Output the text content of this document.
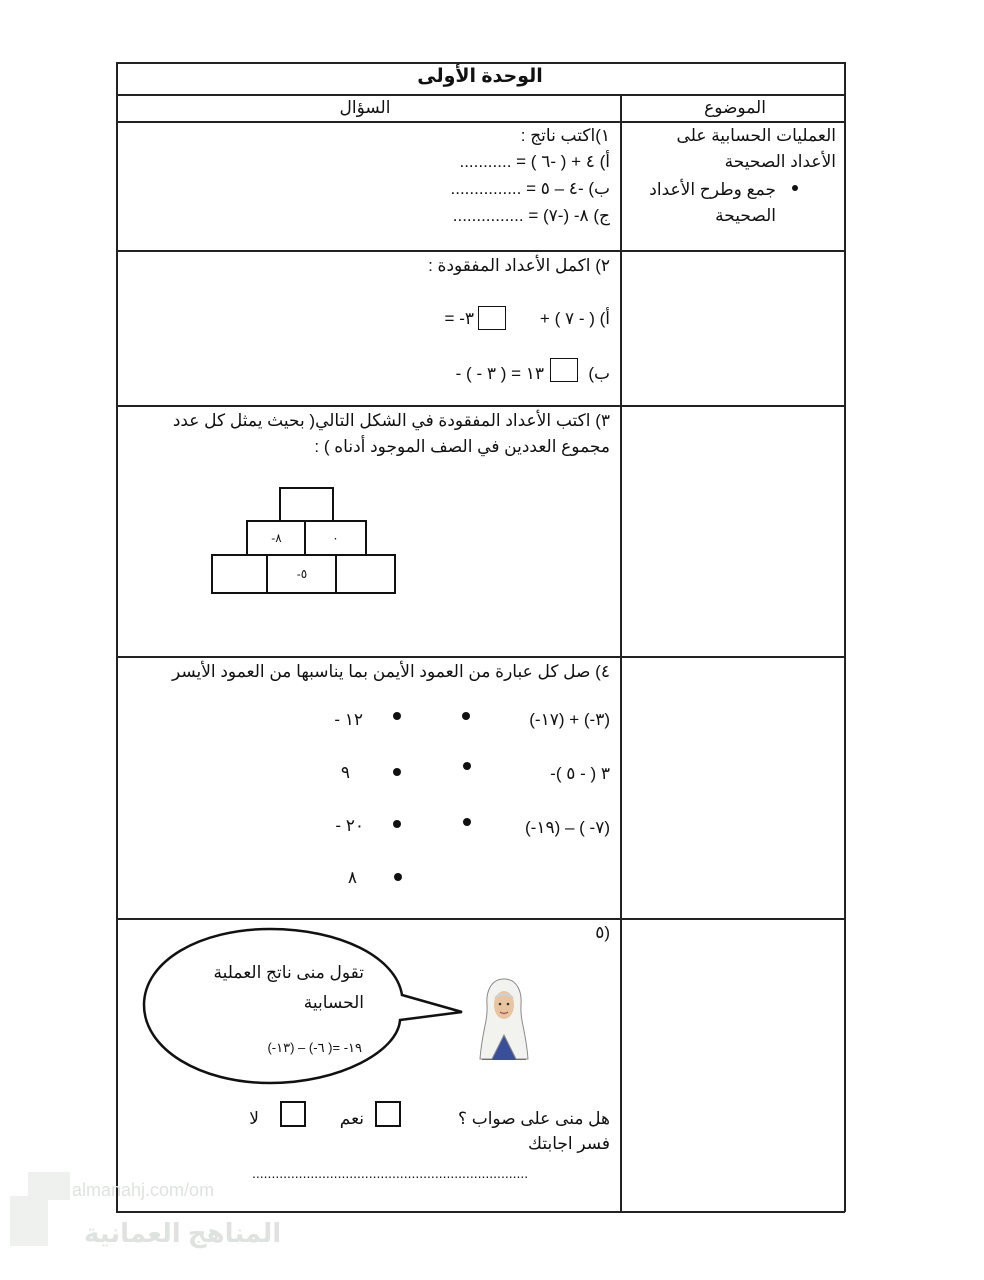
الوحدة الأولى
السؤال	الموضوع
العمليات الحسابية على
الأعداد الصحيحة
جمع وطرح الأعداد
الصحيحة
١)اكتب ناتج :
أ) ٤ + ( -٦ ) = ...........
ب) -٤ – ٥ = ...............
ج) ٨- (-٧) = ...............
٢) اكمل الأعداد المفقودة :
أ) ( - ٧ ) +
= -٣
ب)
- ( - ٣ ) = ١٣
٣) اكتب الأعداد المفقودة في الشكل التالي( بحيث يمثل كل عدد
مجموع العددين في الصف الموجود أدناه ) :
-٨	٠
-٥
٤) صل كل عبارة من العمود الأيمن بما يناسبها من العمود الأيسر
(-١٧) + (-٣)
- ١٢
-٣ ( - ٥ )
٩
(-١٩) – ( -٧)
- ٢٠
٨
٥)
تقول منى ناتج العملية
الحسابية
(-١٣) – (-٦ )= -١٩
هل منى على صواب ؟
نعم
لا
فسر اجابتك
.......................................................................
almanahj.com/om
المناهج العمانية
